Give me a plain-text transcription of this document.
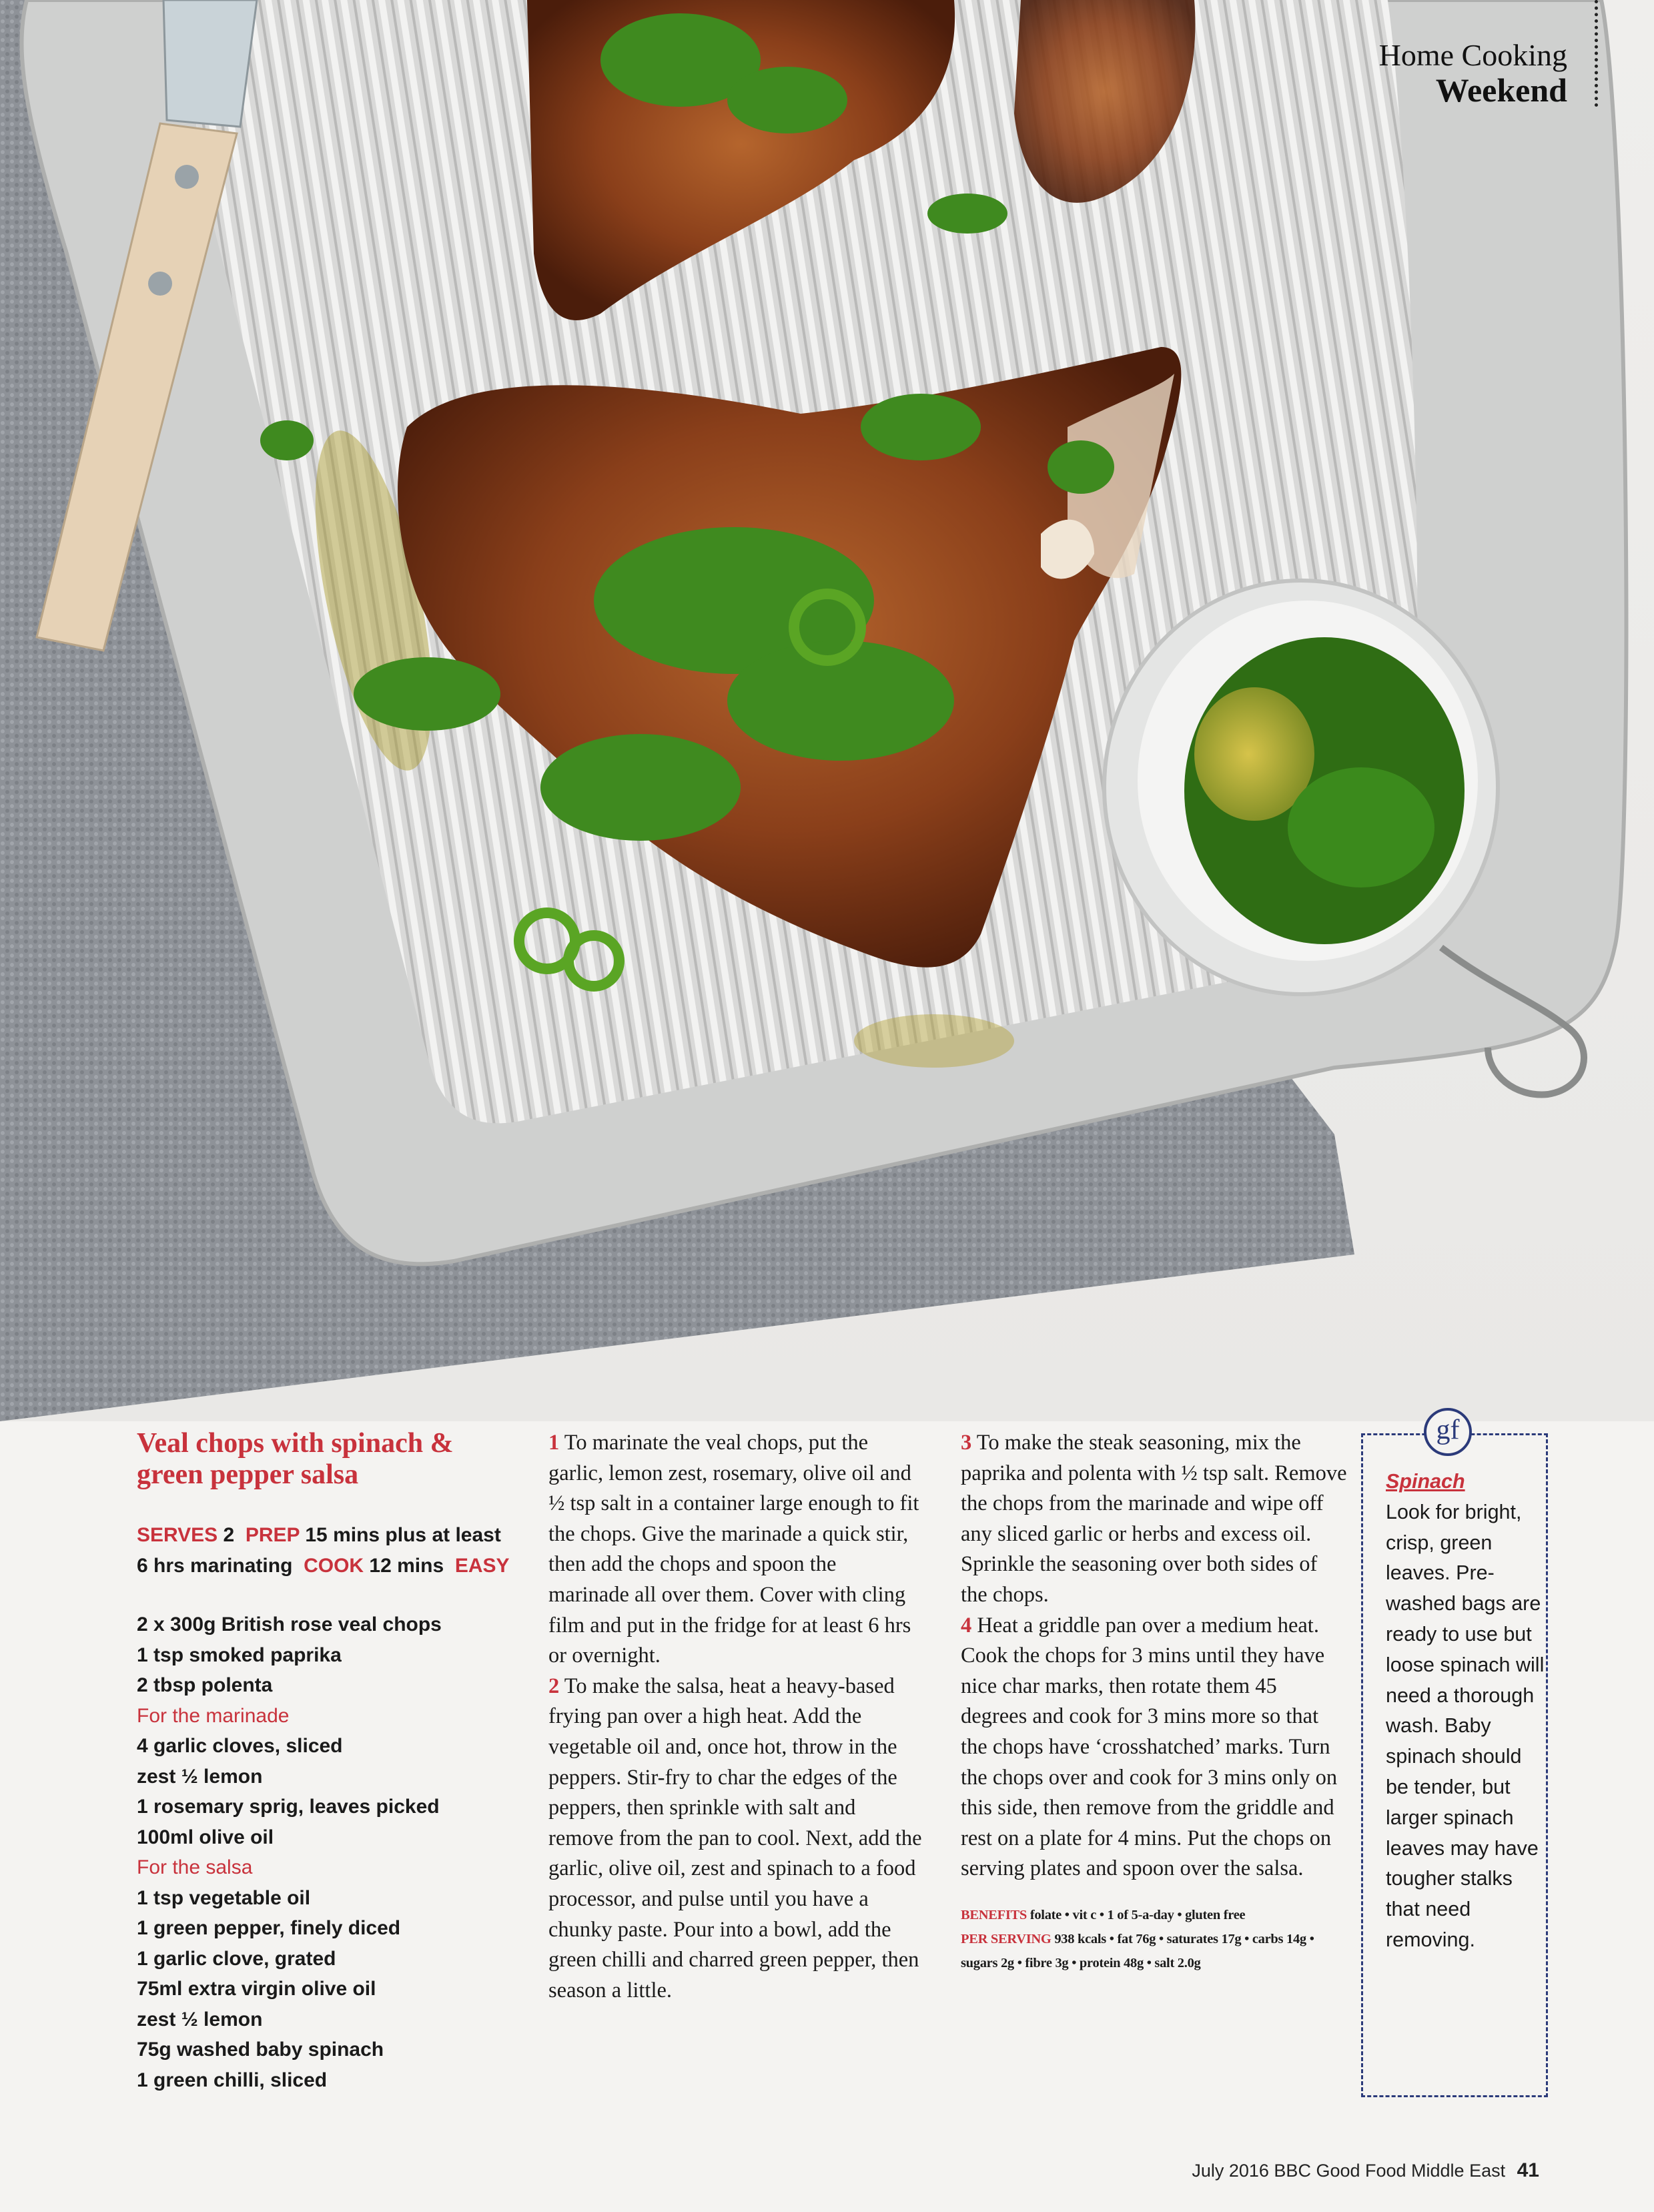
Home Cooking
Weekend
Veal chops with spinach & green pepper salsa
SERVES 2 PREP 15 mins plus at least 6 hrs marinating COOK 12 mins EASY
2 x 300g British rose veal chops
1 tsp smoked paprika
2 tbsp polenta
For the marinade
4 garlic cloves, sliced
zest ½ lemon
1 rosemary sprig, leaves picked
100ml olive oil
For the salsa
1 tsp vegetable oil
1 green pepper, finely diced
1 garlic clove, grated
75ml extra virgin olive oil
zest ½ lemon
75g washed baby spinach
1 green chilli, sliced

1 To marinate the veal chops, put the garlic, lemon zest, rosemary, olive oil and ½ tsp salt in a container large enough to fit the chops. Give the marinade a quick stir, then add the chops and spoon the marinade all over them. Cover with cling film and put in the fridge for at least 6 hrs or overnight.

2 To make the salsa, heat a heavy-based frying pan over a high heat. Add the vegetable oil and, once hot, throw in the peppers. Stir-fry to char the edges of the peppers, then sprinkle with salt and remove from the pan to cool. Next, add the garlic, olive oil, zest and spinach to a food processor, and pulse until you have a chunky paste. Pour into a bowl, add the green chilli and charred green pepper, then season a little.

3 To make the steak seasoning, mix the paprika and polenta with ½ tsp salt. Remove the chops from the marinade and wipe off any sliced garlic or herbs and excess oil. Sprinkle the seasoning over both sides of the chops.

4 Heat a griddle pan over a medium heat. Cook the chops for 3 mins until they have nice char marks, then rotate them 45 degrees and cook for 3 mins more so that the chops have ‘crosshatched’ marks. Turn the chops over and cook for 3 mins only on this side, then remove from the griddle and rest on a plate for 4 mins. Put the chops on serving plates and spoon over the salsa.

BENEFITS folate • vit c • 1 of 5-a-day • gluten free
PER SERVING 938 kcals • fat 76g • saturates 17g • carbs 14g • sugars 2g • fibre 3g • protein 48g • salt 2.0g
gf
Spinach
Look for bright, crisp, green leaves. Pre-washed bags are ready to use but loose spinach will need a thorough wash. Baby spinach should be tender, but larger spinach leaves may have tougher stalks that need removing.
July 2016 BBC Good Food Middle East 41
